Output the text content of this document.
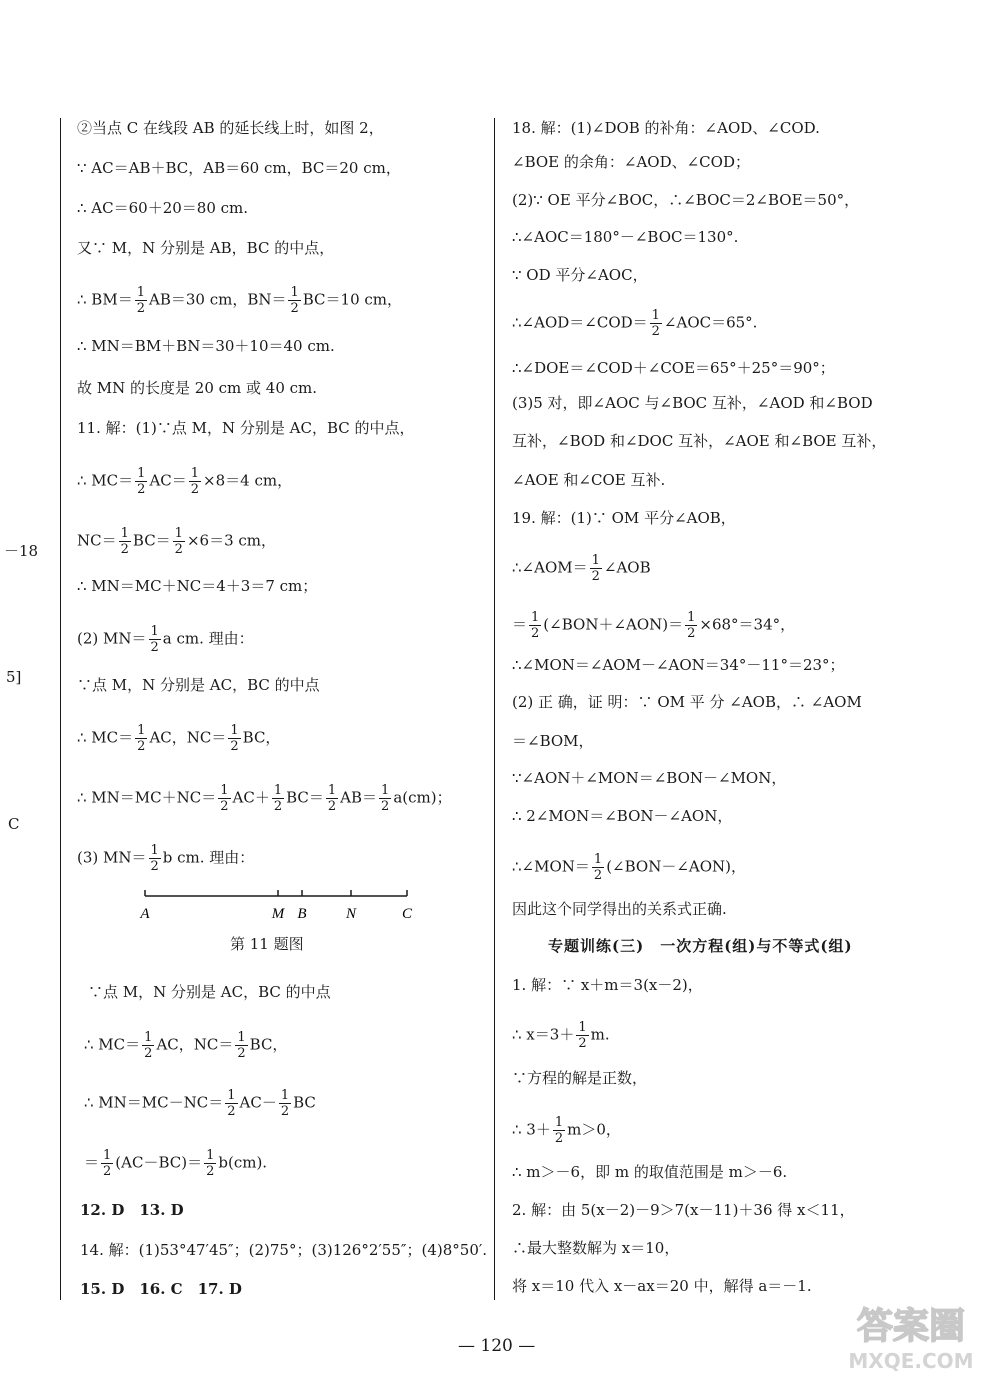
－18
5]
C
②当点 C 在线段 AB 的延长线上时，如图 2，
∵ AC＝AB＋BC，AB＝60 cm，BC＝20 cm，
∴ AC＝60＋20＝80 cm.
又∵ M，N 分别是 AB，BC 的中点，
∴ $BM= \frac{1}{2} AB=30$ cm，$BN= \frac{1}{2} BC=10$ cm，
∴ MN＝BM＋BN＝30＋10＝40 cm.
故 MN 的长度是 20 cm 或 40 cm.
11. 解：(1)∵点 M，N 分别是 AC，BC 的中点，
∴ $MC= \frac{1}{2} AC= \frac{1}{2} \times 8=4$ cm，
$NC= \frac{1}{2} BC= \frac{1}{2} \times 6=3$ cm，
∴ MN＝MC＋NC＝4＋3＝7 cm；
(2) $MN= \frac{1}{2}$ a cm. 理由：
∵点 M，N 分别是 AC，BC 的中点
∴ $MC= \frac{1}{2}$ AC，$NC= \frac{1}{2}$ BC，
∴ $MN=MC+NC= \frac{1}{2} AC+ \frac{1}{2} BC= \frac{1}{2} AB= \frac{1}{2} a(cm)$；
(3) $MN= \frac{1}{2}$ b cm. 理由：
A	M B	N	C
第 11 题图
∵点 M，N 分别是 AC，BC 的中点
∴ $MC= \frac{1}{2}$ AC，$NC= \frac{1}{2}$ BC，
∴ $MN=MC-NC= \frac{1}{2} AC- \frac{1}{2}$ BC
＝ $\frac{1}{2} (AC-BC)= \frac{1}{2} b(cm)$.
12. D　13. D
14. 解：(1)53°47′45″；(2)75°；(3)126°2′55″；(4)8°50′.
15. D　16. C　17. D
18. 解：(1)∠DOB 的补角：∠AOD、∠COD.
∠BOE 的余角：∠AOD、∠COD；
(2)∵ OE 平分∠BOC，∴∠BOC＝2∠BOE＝50°，
∴∠AOC＝180°－∠BOC＝130°.
∵ OD 平分∠AOC，
∴∠AOD＝∠COD＝ $\frac{1}{2}$ ∠AOC＝65°.
∴∠DOE＝∠COD＋∠COE＝65°＋25°＝90°；
(3)5 对，即∠AOC 与∠BOC 互补，∠AOD 和∠BOD
互补，∠BOD 和∠DOC 互补，∠AOE 和∠BOE 互补，
∠AOE 和∠COE 互补.
19. 解：(1)∵ OM 平分∠AOB，
∴∠AOM＝ $\frac{1}{2}$ ∠AOB
＝ $\frac{1}{2}$ (∠BON＋∠AON)＝ $\frac{1}{2} \times 68^\circ=34^\circ$，
∴∠MON＝∠AOM－∠AON＝34°－11°＝23°；
(2) 正 确，证 明：∵ OM 平 分 ∠AOB，∴ ∠AOM
＝∠BOM，
∵∠AON＋∠MON＝∠BON－∠MON，
∴ 2∠MON＝∠BON－∠AON，
∴∠MON＝ $\frac{1}{2}$ (∠BON－∠AON)，
因此这个同学得出的关系式正确.
专题训练(三)　一次方程(组)与不等式(组)
1. 解：∵ x＋m＝3(x－2)，
∴ $x=3+ \frac{1}{2} m$.
∵方程的解是正数，
∴ $3+ \frac{1}{2} m>0$，
∴ m＞－6，即 m 的取值范围是 m＞－6.
2. 解：由 5(x－2)－9＞7(x－11)＋36 得 x＜11，
∴最大整数解为 x＝10，
将 x＝10 代入 x－ax＝20 中，解得 a＝－1.
— 120 —	答案圈
MXQE.COM
